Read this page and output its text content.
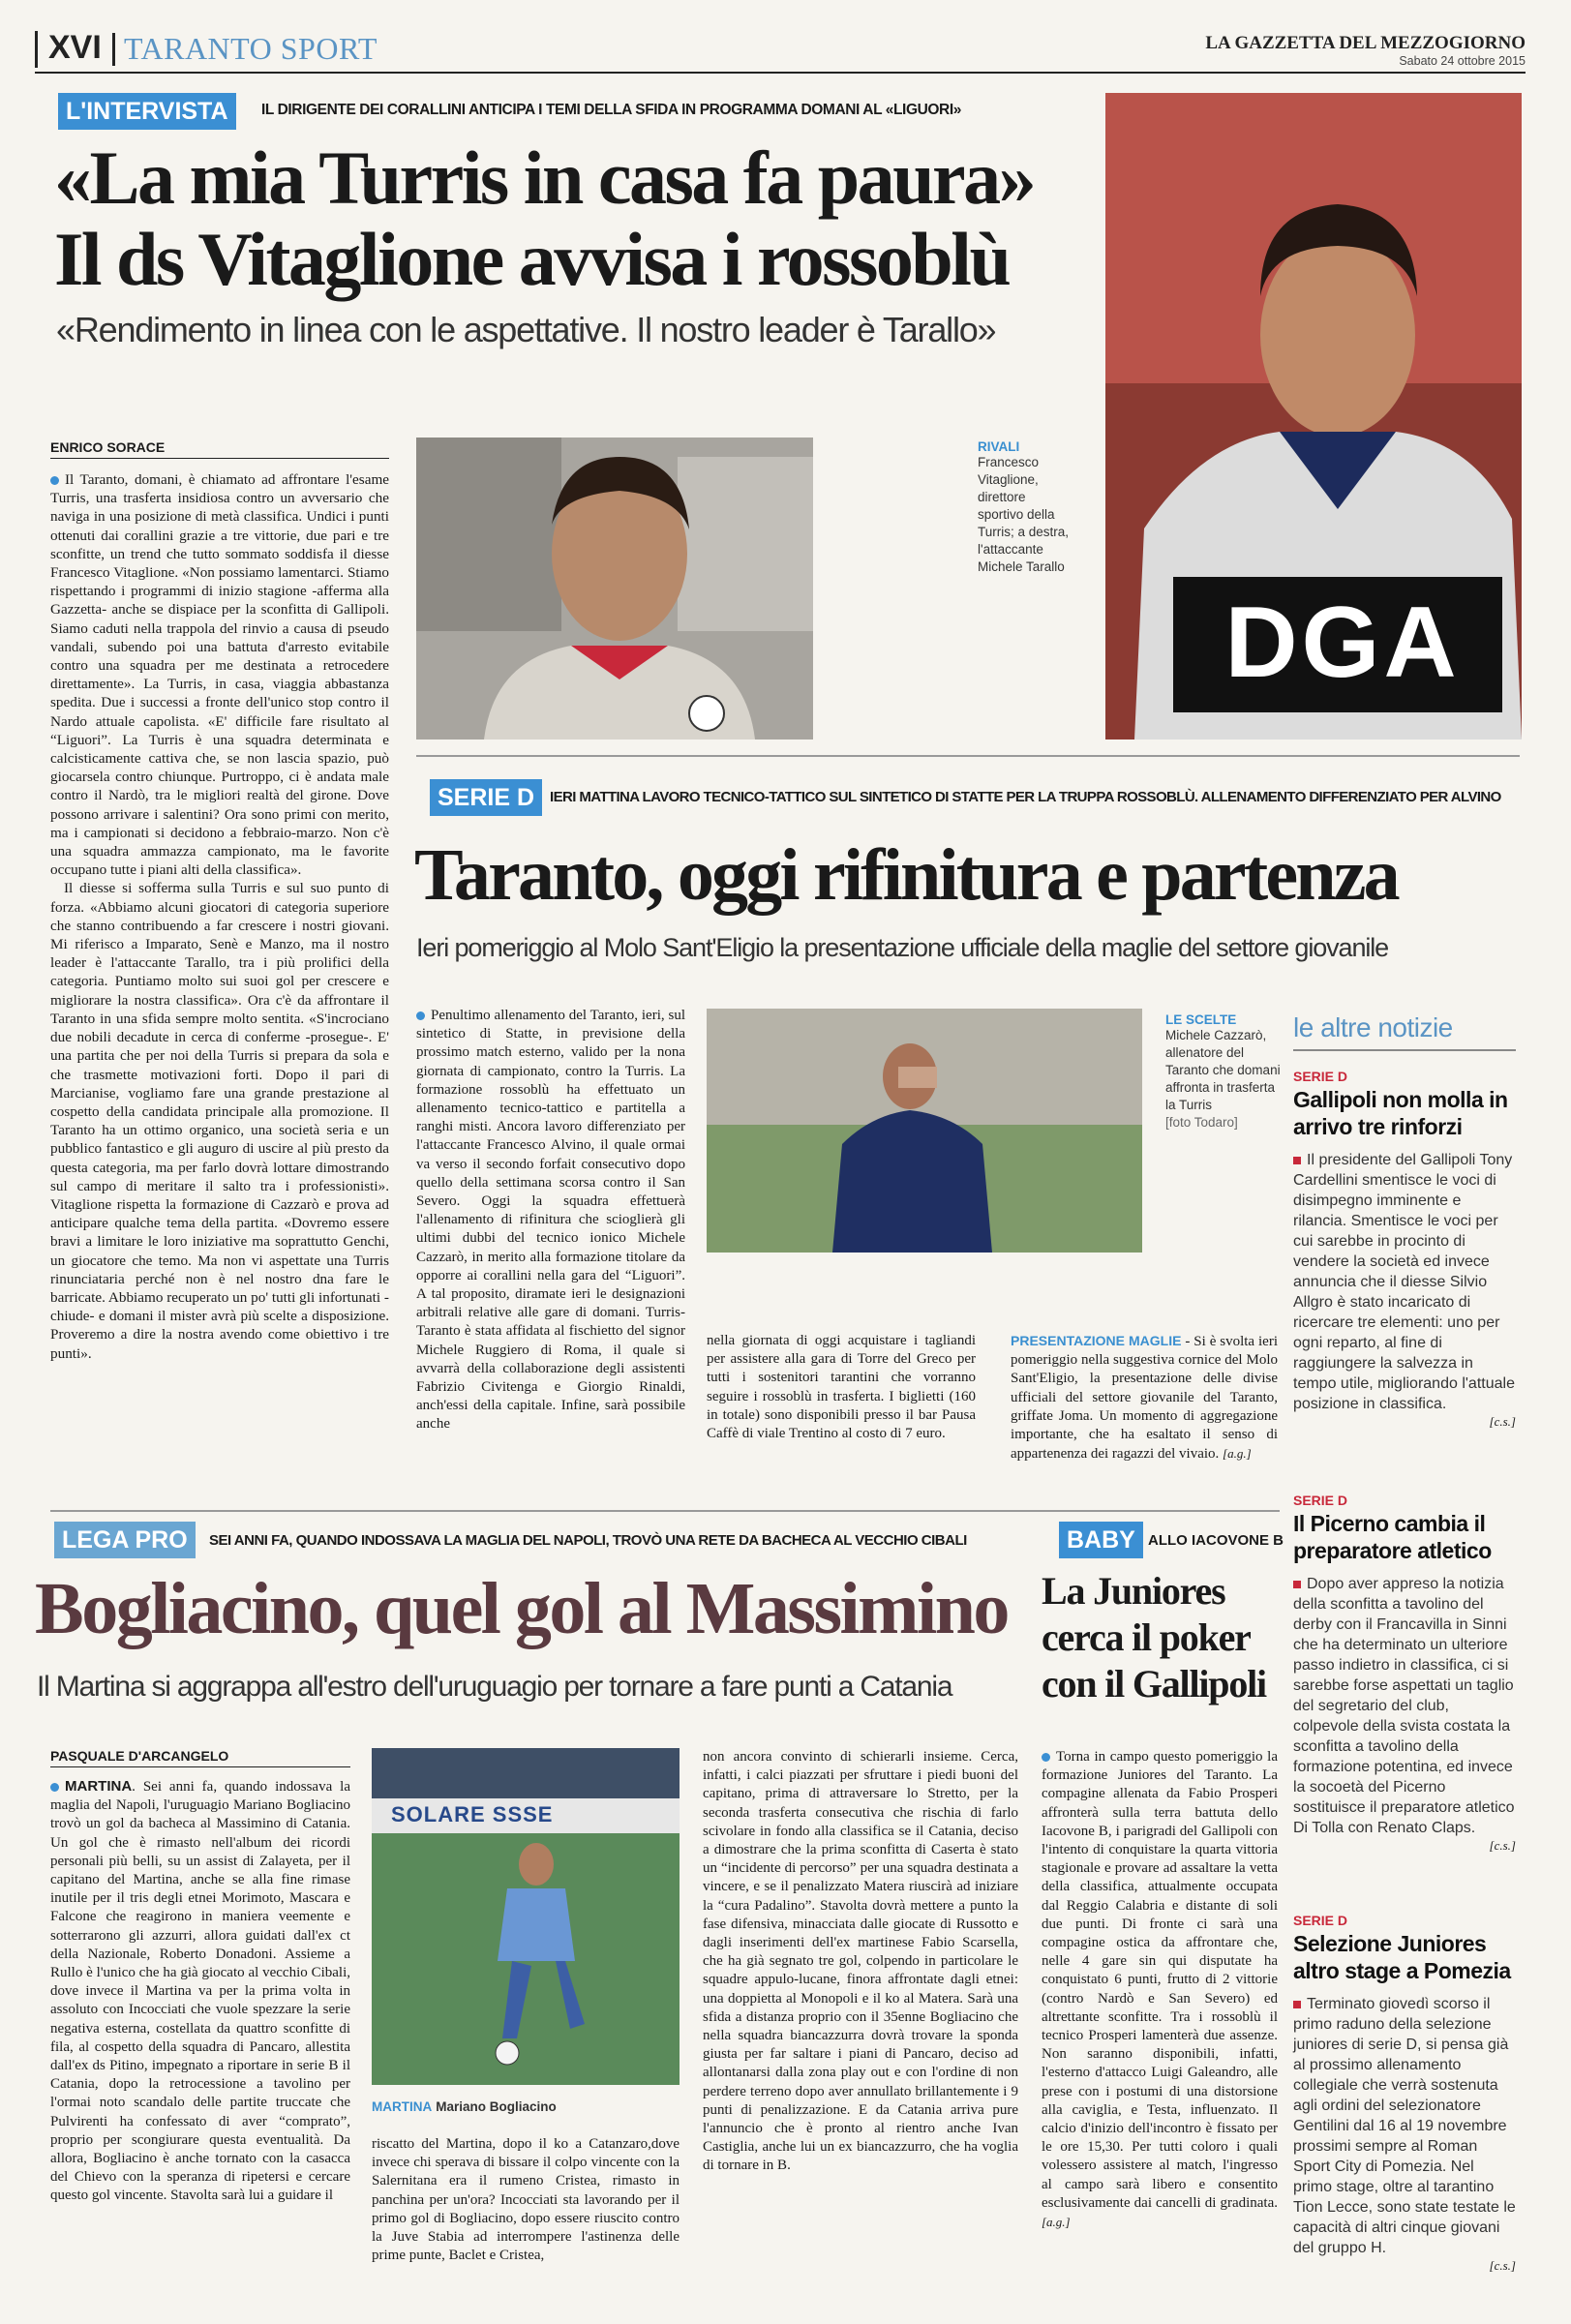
XVI TARANTO SPORT	LA GAZZETTA DEL MEZZOGIORNO
Sabato 24 ottobre 2015
L'INTERVISTA	IL DIRIGENTE DEI CORALLINI ANTICIPA I TEMI DELLA SFIDA IN PROGRAMMA DOMANI AL «LIGUORI»
«La mia Turris in casa fa paura»
Il ds Vitaglione avvisa i rossoblù
«Rendimento in linea con le aspettative. Il nostro leader è Tarallo»
ENRICO SORACE

Il Taranto, domani, è chiamato ad affrontare l'esame Turris, una trasferta insidiosa contro un avversario che naviga in una posizione di metà classifica. Undici i punti ottenuti dai corallini grazie a tre vittorie, due pari e tre sconfitte, un trend che tutto sommato soddisfa il diesse Francesco Vitaglione. «Non possiamo lamentarci. Stiamo rispettando i programmi di inizio stagione -afferma alla Gazzetta- anche se dispiace per la sconfitta di Gallipoli. Siamo caduti nella trappola del rinvio a causa di pseudo vandali, subendo poi una battuta d'arresto evitabile contro una squadra per me destinata a retrocedere direttamente». La Turris, in casa, viaggia abbastanza spedita. Due i successi a fronte dell'unico stop contro il Nardo attuale capolista. «E' difficile fare risultato al “Liguori”. La Turris è una squadra determinata e calcisticamente cattiva che, se non lascia spazio, può giocarsela contro chiunque. Purtroppo, ci è andata male contro il Nardò, tra le migliori realtà del girone. Dove possono arrivare i salentini? Ora sono primi con merito, ma i campionati si decidono a febbraio-marzo. Non c'è una squadra ammazza campionato, ma le favorite occupano tutte i piani alti della classifica».

Il diesse si sofferma sulla Turris e sul suo punto di forza. «Abbiamo alcuni giocatori di categoria superiore che stanno contribuendo a far crescere i nostri giovani. Mi riferisco a Imparato, Senè e Manzo, ma il nostro leader è l'attaccante Tarallo, tra i più prolifici della categoria. Puntiamo molto sui suoi gol per crescere e migliorare la nostra classifica». Ora c'è da affrontare il Taranto in una sfida sempre molto sentita. «S'incrociano due nobili decadute in cerca di conferme -prosegue-. E' una partita che per noi della Turris si prepara da sola e che trasmette motivazioni forti. Dopo il pari di Marcianise, vogliamo fare una grande prestazione al cospetto della candidata principale alla promozione. Il Taranto ha un ottimo organico, una società seria e un pubblico fantastico e gli auguro di uscire al più presto da questa categoria, ma per farlo dovrà lottare dimostrando sul campo di meritare il salto tra i professionisti». Vitaglione rispetta la formazione di Cazzarò e prova ad anticipare qualche tema della partita. «Dovremo essere bravi a limitare le loro iniziative ma soprattutto Genchi, un giocatore che temo. Ma non vi aspettate una Turris rinunciataria perché non è nel nostro dna fare le barricate. Abbiamo recuperato un po' tutti gli infortunati -chiude- e domani il mister avrà più scelte a disposizione. Proveremo a dire la nostra avendo come obiettivo i tre punti».

RIVALI
Francesco Vitaglione, direttore sportivo della Turris; a destra, l'attaccante Michele Tarallo
DGA
SERIE D	IERI MATTINA LAVORO TECNICO-TATTICO SUL SINTETICO DI STATTE PER LA TRUPPA ROSSOBLÙ. ALLENAMENTO DIFFERENZIATO PER ALVINO
Taranto, oggi rifinitura e partenza
Ieri pomeriggio al Molo Sant'Eligio la presentazione ufficiale della maglie del settore giovanile

Penultimo allenamento del Taranto, ieri, sul sintetico di Statte, in previsione della prossimo match esterno, valido per la nona giornata di campionato, contro la Turris. La formazione rossoblù ha effettuato un allenamento tecnico-tattico e partitella a ranghi misti. Ancora lavoro differenziato per l'attaccante Francesco Alvino, il quale ormai va verso il secondo forfait consecutivo dopo quello della settimana scorsa contro il San Severo. Oggi la squadra effettuerà l'allenamento di rifinitura che scioglierà gli ultimi dubbi del tecnico ionico Michele Cazzarò, in merito alla formazione titolare da opporre ai corallini nella gara del “Liguori”. A tal proposito, diramate ieri le designazioni arbitrali relative alle gare di domani. Turris-Taranto è stata affidata al fischietto del signor Michele Ruggiero di Roma, il quale si avvarrà della collaborazione degli assistenti Fabrizio Civitenga e Giorgio Rinaldi, anch'essi della capitale. Infine, sarà possibile anche

LE SCELTE
Michele Cazzarò, allenatore del Taranto che domani affronta in trasferta la Turris
[foto Todaro]

nella giornata di oggi acquistare i tagliandi per assistere alla gara di Torre del Greco per tutti i sostenitori tarantini che vorranno seguire i rossoblù in trasferta. I biglietti (160 in totale) sono disponibili presso il bar Pausa Caffè di viale Trentino al costo di 7 euro.

PRESENTAZIONE MAGLIE - Si è svolta ieri pomeriggio nella suggestiva cornice del Molo Sant'Eligio, la presentazione delle divise ufficiali del settore giovanile del Taranto, griffate Joma. Un momento di aggregazione importante, che ha esaltato il senso di appartenenza dei ragazzi del vivaio. [a.g.]

le altre notizie
SERIE D
Gallipoli non molla in arrivo tre rinforzi

Il presidente del Gallipoli Tony Cardellini smentisce le voci di disimpegno imminente e rilancia. Smentisce le voci per cui sarebbe in procinto di vendere la società ed invece annuncia che il diesse Silvio Allgro è stato incaricato di ricercare tre elementi: uno per ogni reparto, al fine di raggiungere la salvezza in tempo utile, migliorando l'attuale posizione in classifica.

[c.s.]
SERIE D
Il Picerno cambia il preparatore atletico

Dopo aver appreso la notizia della sconfitta a tavolino del derby con il Francavilla in Sinni che ha determinato un ulteriore passo indietro in classifica, ci si sarebbe forse aspettati un taglio del segretario del club, colpevole della svista costata la sconfitta a tavolino della formazione potentina, ed invece la socoetà del Picerno sostituisce il preparatore atletico Di Tolla con Renato Claps.

[c.s.]
SERIE D
Selezione Juniores altro stage a Pomezia

Terminato giovedì scorso il primo raduno della selezione juniores di serie D, si pensa già al prossimo allenamento collegiale che verrà sostenuta agli ordini del selezionatore Gentilini dal 16 al 19 novembre prossimi sempre al Roman Sport City di Pomezia. Nel primo stage, oltre al tarantino Tion Lecce, sono state testate le capacità di altri cinque giovani del gruppo H.

[c.s.]
LEGA PRO	SEI ANNI FA, QUANDO INDOSSAVA LA MAGLIA DEL NAPOLI, TROVÒ UNA RETE DA BACHECA AL VECCHIO CIBALI
Bogliacino, quel gol al Massimino
Il Martina si aggrappa all'estro dell'uruguagio per tornare a fare punti a Catania
PASQUALE D'ARCANGELO

MARTINA. Sei anni fa, quando indossava la maglia del Napoli, l'uruguagio Mariano Bogliacino trovò un gol da bacheca al Massimino di Catania. Un gol che è rimasto nell'album dei ricordi personali più belli, su un assist di Zalayeta, per il capitano del Martina, anche se alla fine rimase inutile per il tris degli etnei Morimoto, Mascara e Falcone che reagirono in maniera veemente e sotterrarono gli azzurri, allora guidati dall'ex ct della Nazionale, Roberto Donadoni. Assieme a Rullo è l'unico che ha già giocato al vecchio Cibali, dove invece il Martina va per la prima volta in assoluto con Incocciati che vuole spezzare la serie negativa esterna, costellata da quattro sconfitte di fila, al cospetto della squadra di Pancaro, allestita dall'ex ds Pitino, impegnato a riportare in serie B il Catania, dopo la retrocessione a tavolino per l'ormai noto scandalo delle partite truccate che Pulvirenti ha confessato di aver “comprato”, proprio per scongiurare questa eventualità. Da allora, Bogliacino è anche tornato con la casacca del Chievo con la speranza di ripetersi e cercare questo gol vincente. Stavolta sarà lui a guidare il

SOLARE SSSE
MARTINA Mariano Bogliacino

riscatto del Martina, dopo il ko a Catanzaro,dove invece chi sperava di bissare il colpo vincente con la Salernitana era il rumeno Cristea, rimasto in panchina per un'ora? Incocciati sta lavorando per il primo gol di Bogliacino, dopo essere riuscito contro la Juve Stabia ad interrompere l'astinenza delle prime punte, Baclet e Cristea,

non ancora convinto di schierarli insieme. Cerca, infatti, i calci piazzati per sfruttare i piedi buoni del capitano, prima di attraversare lo Stretto, per la seconda trasferta consecutiva che rischia di farlo scivolare in fondo alla classifica se il Catania, deciso a dimostrare che la prima sconfitta di Caserta è stato un “incidente di percorso” per una squadra destinata a vincere, e se il penalizzato Matera riuscirà ad iniziare la “cura Padalino”. Stavolta dovrà mettere a punto la fase difensiva, minacciata dalle giocate di Russotto e dagli inserimenti dell'ex martinese Fabio Scarsella, che ha già segnato tre gol, colpendo in particolare le squadre appulo-lucane, finora affrontate dagli etnei: una doppietta al Monopoli e il ko al Matera. Sarà una sfida a distanza proprio con il 35enne Bogliacino che nella squadra biancazzurra dovrà trovare la sponda giusta per far saltare i piani di Pancaro, deciso ad allontanarsi dalla zona play out e con l'ordine di non perdere terreno dopo aver annullato brillantemente i 9 punti di penalizzazione. E da Catania arriva pure l'annuncio che è pronto al rientro anche Ivan Castiglia, anche lui un ex biancazzurro, che ha voglia di tornare in B.

BABY ALLO IACOVONE B
La Juniores cerca il poker con il Gallipoli

Torna in campo questo pomeriggio la formazione Juniores del Taranto. La compagine allenata da Fabio Prosperi affronterà sulla terra battuta dello Iacovone B, i parigradi del Gallipoli con l'intento di conquistare la quarta vittoria stagionale e provare ad assaltare la vetta della classifica, attualmente occupata dal Reggio Calabria e distante di soli due punti. Di fronte ci sarà una compagine ostica da affrontare che, nelle 4 gare sin qui disputate ha conquistato 6 punti, frutto di 2 vittorie (contro Nardò e San Severo) ed altrettante sconfitte. Tra i rossoblù il tecnico Prosperi lamenterà due assenze. Non saranno disponibili, infatti, l'esterno d'attacco Luigi Galeandro, alle prese con i postumi di una distorsione alla caviglia, e Testa, influenzato. Il calcio d'inizio dell'incontro è fissato per le ore 15,30. Per tutti coloro i quali volessero assistere al match, l'ingresso al campo sarà libero e consentito esclusivamente dai cancelli di gradinata. [a.g.]
